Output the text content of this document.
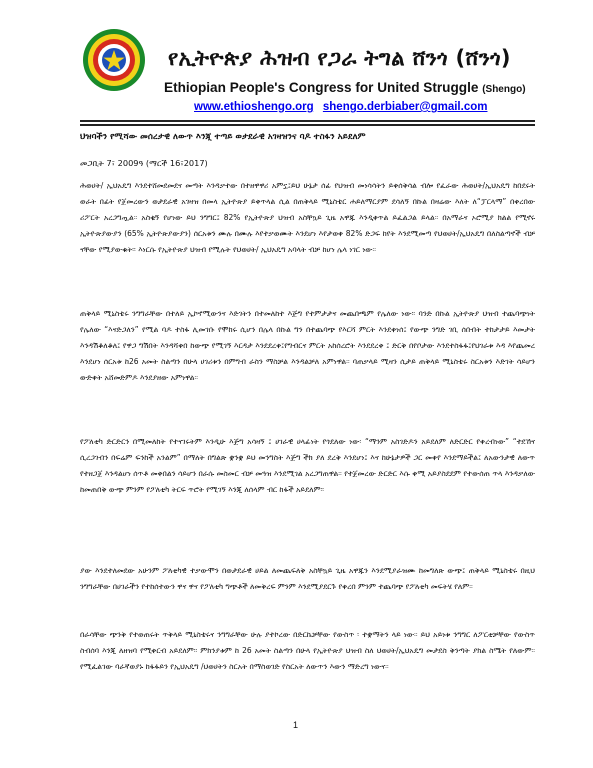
የኢትዮጵያ ሕዝብ የጋራ ትግል ሸንጎ (ሸንጎ)
Ethiopian People's Congress for United Struggle (Shengo)
www.ethioshengo.org shengo.derbiaber@gmail.com
ህዝባችን የሚሻው መሰረታዊ ለውጥ እንጂ ተጣይ ወታደራዊ አገዛዝንና ባዶ ተስፋን አይደለም
መጋቢት 7፣ 2009ዓ (ማርች 16፣2017)
ሕወሀት/ ኢህአዴግ እንደተሸመደመደና መጣት እንዳቃተው በተዘዋዋሪ አምኗ፤ይህ ሁኔታ ሰፊ የህዝብ መነሳሳትን ይቀሰቅሳል ብሎ የፈራው ሕወሀት/ኢህአዴግ ከበደሩት ወራት በፊት የጀመረውን ወታደራዊ አገዛዝ በመላ ኢትዮጵያ ይቀጥላል ሲል በጠቅላይ ሚኒስቴር ሐይለማርያም ደሳለኝ በኩል በዛሬው እለት ለ“ፓርላማ” በቀረበው ሪፖርት አረጋግጧል። አስቂኝ የሆነው ይህ ንግግር፤ 82% የኢትዮጵያ ህዝብ አስቸኳይ ጊዜ አዋጁ እንዲቀጥል ይፈልጋል ይላል። በአማራና ኦሮሚያ ክልል የሚኖሩ ኢትዮጵያውያን (65% ኢትዮጵያውያን) ሰርአቱን ሙሉ በሙሉ እየተቃወሙት እንደሆነ እየታወቀ 82% ድጋፍ ከየት እንደሚመጣ የህወሀት/ኢህአዴግ በለስልጣኖች ብቻ ናቸው የሚያውቁት፡፡ እነርሱ የኢትዮጵያ ህዝብ የሚሉት የህወሀት/ ኢህአዴግ አባላት ብቻ ከሆነ ሌላ ነገር ነው።
ጠቅላይ ሚኒስቴሩ ንግግራቸው በተለይ ኢኮኖሚውንና እድገትን በተመለከተ እጅግ የተምታታና መጨበጫም የሌለው ነው፡፡ ባንድ በኩል ኢትዮጵያ ህዝብ ተጨባጭነት የሌለው “እናድጋለን” የሚል ባዶ ተስፋ ሊመገቡ የሞከሩ ሲሆን በሌላ በኩል ግን በተጨባጭ የእርሻ ምርት እንደቀነሰ፤ የውጭ ንግድ ገቢ ሰበብት ተከታታይ እመታት እንዳሽቆለቆለ፤ የዋጋ ግሽበት እንዳሻቀበ ከውጭ የሚገኝ እርዳታ እንደደረቀ፤የግብርና ምርት አከሰረሮት እንደደረቀ ፤ ድርቅ በየቦታው እንደተስፋፋ፤የህገራቱ እዳ እየጨመረ እንደሆነ ሰርአቱ ከ26 አመት ስልጣን በሁላ ሀገሪቱን በምግብ ራስን ማስቻል እንዳልቻለ አምነዋል። ባጠቃላይ ሚዛን ሲታይ ጠቅላይ ሚኒስቴሩ ስርአቱን እድገት ሳይሆን ውድቀት አሸመድምዶ እንደያዘው አምነዋል።
የፖለቲካ ድርድርን በሚመለከት የተናገሩትም እንዲሁ እጅግ አሳዛኝ ፤ ሀገራዊ ሀላፊነት የጎደለው ነው፡ “ማንም አስገድዶን አይደለም ለድርድር የቀረብነው” “ተደኸና ሲረጋገብን በፍሬም ፍንከች አንልም” በማለት በግልጽ ቋንቋ ይህ መንግስት እጅግ ችክ ያለ ደረቅ እንደሆነ፤ እና ከሁኔታዎች ጋር መቀየ እንደማይችል፤ ለአውንታዊ ለውጥ የተዘጋጀ እንዳልሆነ ሰጥቶ መቀበልን ሳይሆን በራሱ መስመር ብቻ መጓዝ እንደሚገል አረጋግጠዋል። የተጀመረው ድርድር እሱ ቀሚ አይያስደደም የተውሰጠ ጥላ እንዳቃለው ከመጠበቅ ውጭ ምንም የፖለቲካ ትርፍ ጥሮት የሚገኝ እንጂ ለሰላም ብር ከፋች አይደለም፡፡
ያው እንደተለመደው አሁንም ፖለቲካዊ ተቃውሞን በወታደራዊ ሀይል ለመጨፍለቅ አስቸኳይ ጊዜ አዋጁን እንደሚያራዝሙ ከመግለጽ ውጭ፤ ጠቅላይ ሚኒስቴሩ በዚህ ንግግራቸው በሀገራችን የተከሰተውን ዋና ዋና የፖለቲካ ግጭቶች ለመቅረፍ ምንም እንደሚያደርጉ የቀረበ ምንም ተጨባጭ የፖለቲካ መፍትሄ የለም።
በራሳቸው ጭንቅ የተወጠሩት ጥቅላይ ሚኒስቴሩና ንግግራቸው ሁሉ ያተኮረው በድርኬቻቸው የውስጥ ፡ ተቋማትን ላይ ነው። ይህ አይነቱ ንግግር ለፖርቲቻቸው የውስጥ ስብሰባ እንጂ ለዘዝባ የሚቀርብ አይደለም፡፡ ምክንያቱም ከ 26 አመት ስልጣን በሁላ የኢትዮጵያ ህዝብ ስለ ህወሀት/ኢህአዴግ መታደስ ቅንጣት ያክል ስሜት የለውም። የሚፈልገው ባራኛወያኑ ከፋፋይን የኢህአዴግ /ህወሀትን ስርአት በማስወገድ የስርአት ለውጥን እውን ማድረግ ነውና።
1
